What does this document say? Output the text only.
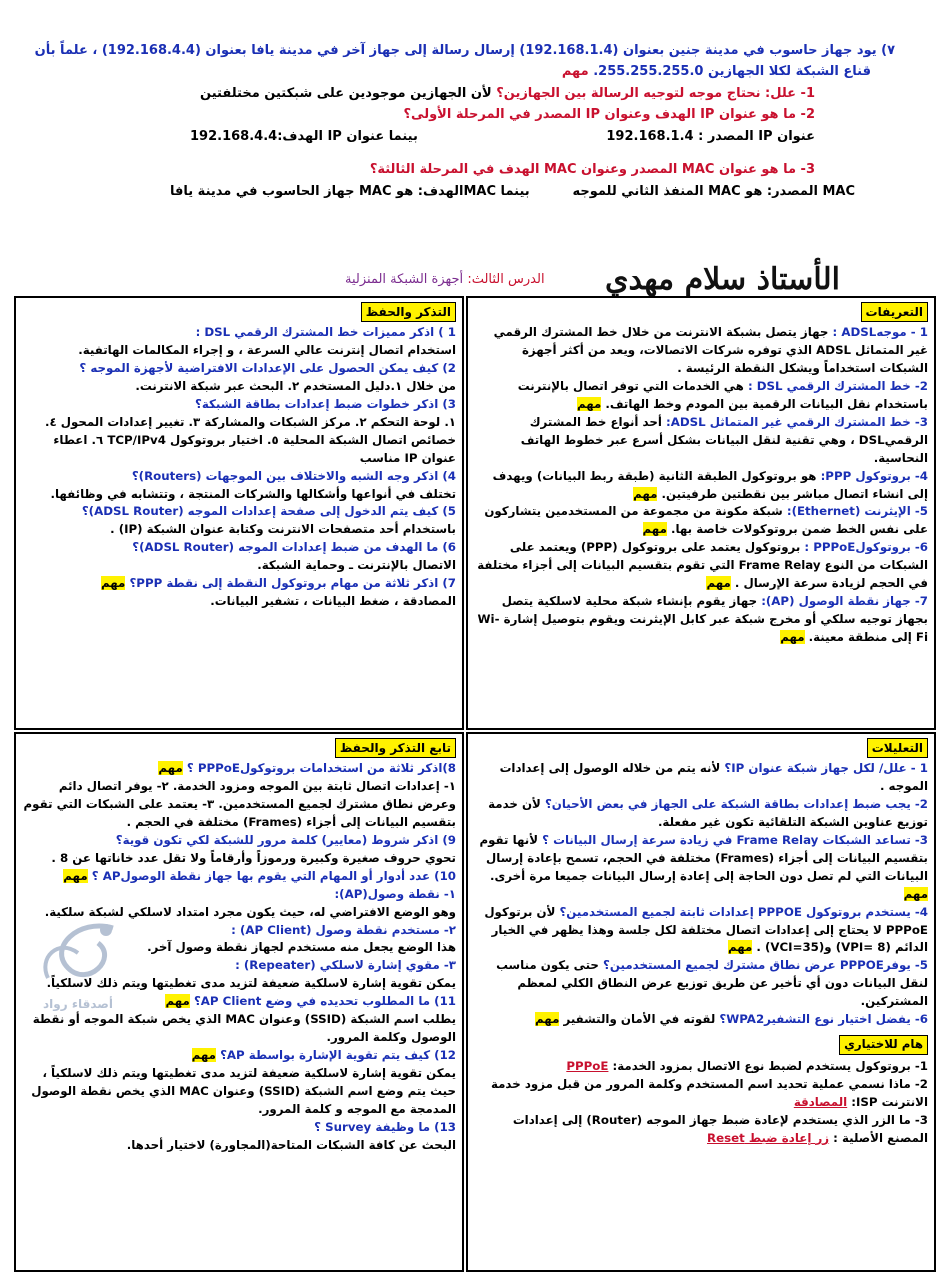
٧) يود جهاز حاسوب في مدينة جنين بعنوان (192.168.1.4) إرسال رسالة إلى جهاز آخر في مدينة يافا بعنوان (192.168.4.4) ، علماً بأن
قناع الشبكة لكلا الجهازين 255.255.255.0. مهم
1- علل: نحتاج موجه لتوجيه الرسالة بين الجهازين؟ لأن الجهازين موجودين على شبكتين مختلفتين
2- ما هو عنوان IP الهدف وعنوان IP المصدر في المرحلة الأولى؟
عنوان IP المصدر : 192.168.1.4
بينما عنوان IP الهدف:192.168.4.4
3- ما هو عنوان MAC المصدر وعنوان MAC الهدف في المرحلة الثالثة؟
MAC المصدر: هو MAC المنفذ الثاني للموجه
بينما MACالهدف: هو MAC جهاز الحاسوب في مدينة يافا
الأستاذ سلام مهدي
الدرس الثالث: أجهزة الشبكة المنزلية
التعريفات

1 - موجهADSL : جهاز يتصل بشبكة الانترنت من خلال خط المشترك الرقمي غير المتماثل ADSL الذي توفره شركات الاتصالات، ويعد من أكثر أجهزة الشبكات استخداماً ويشكل النقطة الرئيسة .

2- خط المشترك الرقمي DSL : هي الخدمات التي توفر اتصال بالإنترنت باستخدام نقل البيانات الرقمية بين المودم وخط الهاتف. مهم

3- خط المشترك الرقمي غير المتماثل ADSL: أحد أنواع خط المشترك الرقميDSL ، وهي تقنية لنقل البيانات بشكل أسرع عبر خطوط الهاتف النحاسية.

4- بروتوكول PPP: هو بروتوكول الطبقة الثانية (طبقة ربط البيانات) ويهدف إلى انشاء اتصال مباشر بين نقطتين طرفيتين. مهم

5- الإيثرنت (Ethernet): شبكة مكونة من مجموعة من المستخدمين يتشاركون على نفس الخط ضمن بروتوكولات خاصة بها. مهم

6- بروتوكولPPPoE : بروتوكول يعتمد على بروتوكول (PPP) ويعتمد على الشبكات من النوع Frame Relay التي تقوم بتقسيم البيانات إلى أجزاء مختلفة في الحجم لزيادة سرعة الإرسال . مهم

7- جهاز نقطة الوصول (AP): جهاز يقوم بإنشاء شبكة محلية لاسلكية يتصل بجهاز توجيه سلكي أو مخرج شبكة عبر كابل الإيثرنت ويقوم بتوصيل إشارة Wi-Fi إلى منطقة معينة. مهم

التذكر والحفظ

1 ) اذكر مميزات خط المشترك الرقمي DSL :
استخدام اتصال إنترنت عالي السرعة ، و إجراء المكالمات الهاتفية.

2) كيف يمكن الحصول على الإعدادات الافتراضية لأجهزة الموجه ؟
من خلال ١.دليل المستخدم ٢. البحث عبر شبكة الانترنت.

3) اذكر خطوات ضبط إعدادات بطاقة الشبكة؟
١. لوحة التحكم ٢. مركز الشبكات والمشاركة ٣. تغيير إعدادات المحول ٤. خصائص اتصال الشبكة المحلية ٥. اختيار بروتوكول TCP/IPv4 ٦. اعطاء عنوان IP مناسب

4) اذكر وجه الشبه والاختلاف بين الموجهات (Routers)؟
تختلف في أنواعها وأشكالها والشركات المنتجة ، وتتشابه في وظائفها.

5) كيف يتم الدخول إلى صفحة إعدادات الموجه (ADSL Router)؟
باستخدام أحد متصفحات الانترنت وكتابة عنوان الشبكة (IP) .

6) ما الهدف من ضبط إعدادات الموجه (ADSL Router)؟
الاتصال بالإنترنت ـ وحماية الشبكة.

7) اذكر ثلاثة من مهام بروتوكول النقطة إلى نقطة PPP؟ مهم
المصادقة ، ضغط البيانات ، تشفير البيانات.

أصدقاء رواد
التعليلات

1 - علل/ لكل جهاز شبكة عنوان IP؟ لأنه يتم من خلاله الوصول إلى إعدادات الموجه .

2- يجب ضبط إعدادات بطاقة الشبكة على الجهاز في بعض الأحيان؟ لأن خدمة توزيع عناوين الشبكة التلقائية تكون غير مفعلة.

3- تساعد الشبكات Frame Relay في زيادة سرعة إرسال البيانات ؟ لأنها تقوم بتقسيم البيانات إلى أجزاء (Frames) مختلفة في الحجم، تسمح بإعادة إرسال البيانات التي لم تصل دون الحاجة إلى إعادة إرسال البيانات جميعا مرة أخرى. مهم

4- يستخدم بروتوكول PPPOE إعدادات ثابتة لجميع المستخدمين؟ لأن برتوكول PPPoE لا يحتاج إلى إعدادات اتصال مختلفة لكل جلسة وهذا يظهر في الخيار الدائم (VPI= 8) و(VCI=35) . مهم

5- يوفرPPPOE عرض نطاق مشترك لجميع المستخدمين؟ حتى يكون مناسب لنقل البيانات دون أي تأخير عن طريق توزيع عرض النطاق الكلي لمعظم المشتركين.

6- يفضل اختيار نوع التشفيرWPA2؟ لقوته في الأمان والتشفير مهم

هام للاختياري

1- بروتوكول يستخدم لضبط نوع الاتصال بمزود الخدمة: PPPoE

2- ماذا نسمي عملية تحديد اسم المستخدم وكلمة المرور من قبل مزود خدمة الانترنت ISP: المصادقة

3- ما الزر الذي يستخدم لإعادة ضبط جهاز الموجه (Router) إلى إعدادات المصنع الأصلية : زر إعادة ضبط Reset

تابع التذكر والحفظ

8)اذكر ثلاثة من استخدامات بروتوكولPPPoE ؟ مهم
١- إعدادات اتصال ثابتة بين الموجه ومزود الخدمة. ٢- يوفر اتصال دائم وعرض نطاق مشترك لجميع المستخدمين. ٣- يعتمد على الشبكات التي تقوم بتقسيم البيانات إلى أجزاء (Frames) مختلفة في الحجم .

9) اذكر شروط (معايير) كلمة مرور للشبكة لكي تكون قوية؟
تحوي حروف صغيرة وكبيرة ورموزاً وأرقاماً ولا تقل عدد خاناتها عن 8 .

10) عدد أدوار أو المهام التي يقوم بها جهاز نقطة الوصولAP ؟ مهم

١- نقطة وصول(AP):
وهو الوضع الافتراضي له، حيث يكون مجرد امتداد لاسلكي لشبكة سلكية.

٢- مستخدم نقطة وصول (AP Client) :
هذا الوضع يجعل منه مستخدم لجهاز نقطة وصول آخر.

٣- مقوي إشارة لاسلكي (Repeater) :
يمكن تقوية إشارة لاسلكية ضعيفة لتزيد مدى تغطيتها ويتم ذلك لاسلكياً.

11) ما المطلوب تحديده في وضع AP Client؟ مهم
يطلب اسم الشبكة (SSID) وعنوان MAC الذي يخص شبكة الموجه أو نقطة الوصول وكلمة المرور.

12) كيف يتم تقوية الإشارة بواسطة AP؟ مهم
يمكن تقوية إشارة لاسلكية ضعيفة لتزيد مدى تغطيتها ويتم ذلك لاسلكياً ، حيث يتم وضع اسم الشبكة (SSID) وعنوان MAC الذي يخص نقطة الوصول المدمجة مع الموجه و كلمة المرور.

13) ما وظيفة Survey ؟
البحث عن كافة الشبكات المتاحة(المجاورة) لاختيار أحدها.
